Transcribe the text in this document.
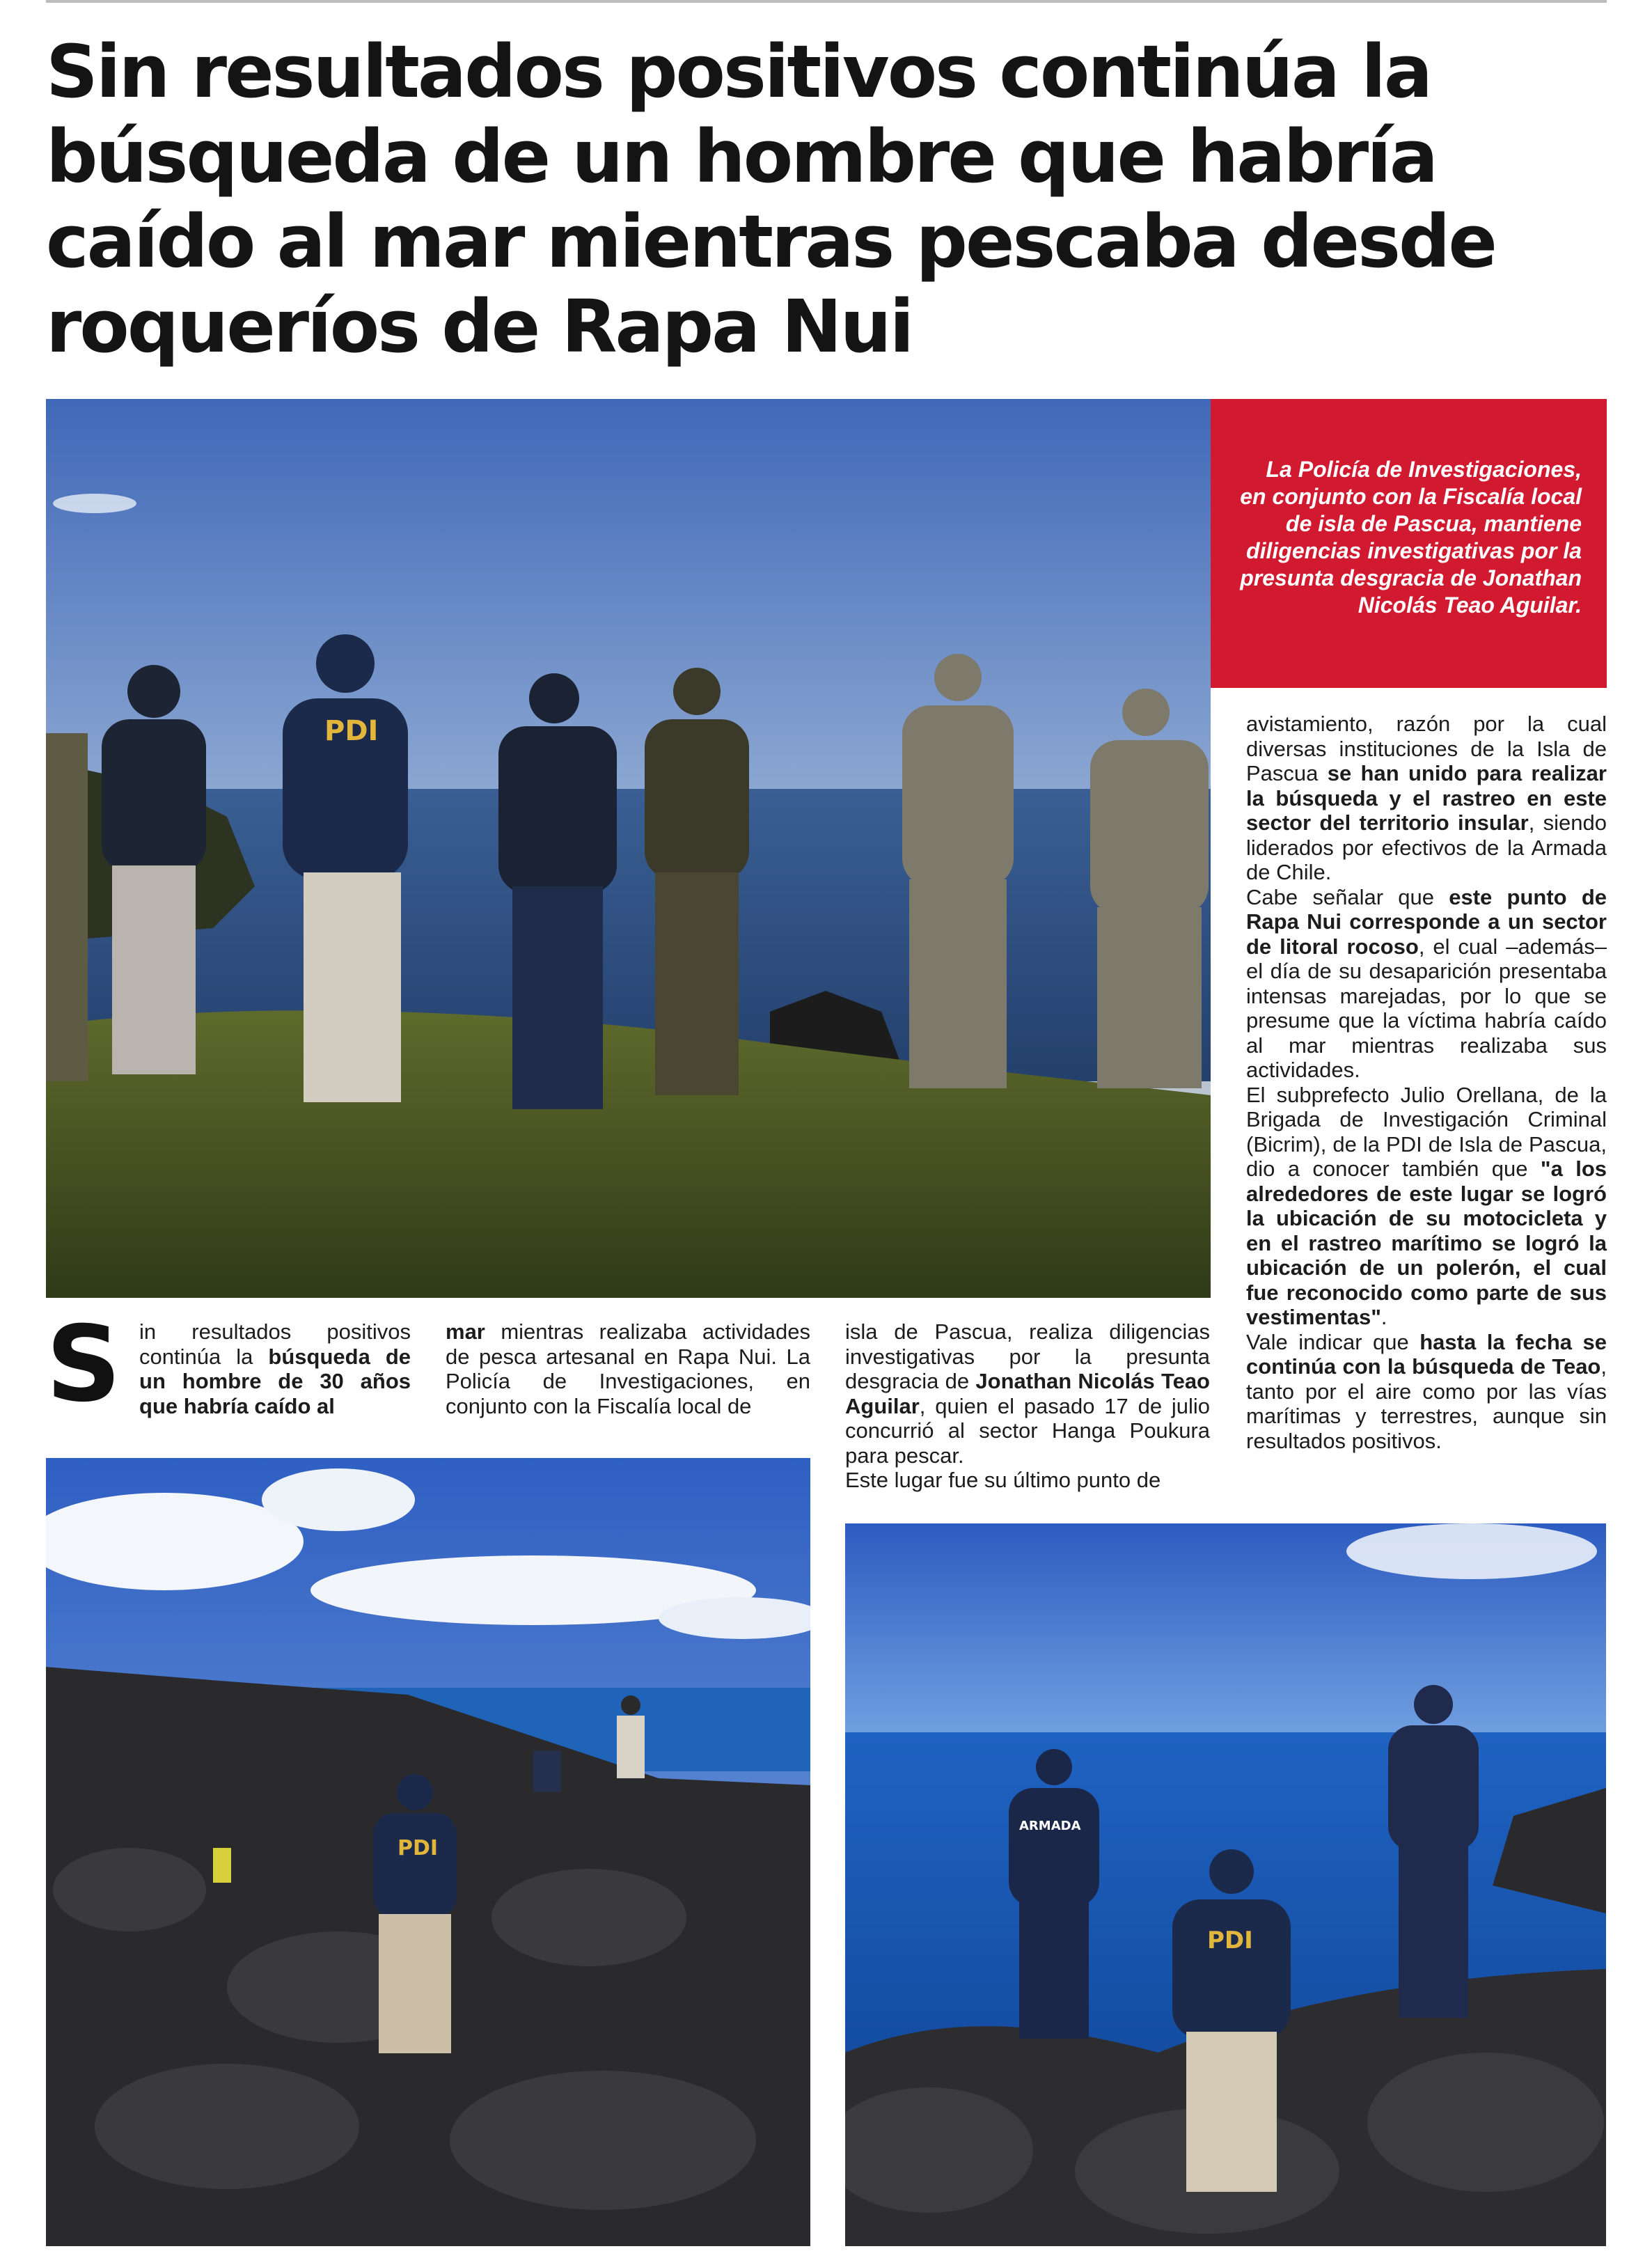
Sin resultados positivos continúa la búsqueda de un hombre que habría caído al mar mientras pescaba desde roqueríos de Rapa Nui
PDI

La Policía de Investigaciones, en conjunto con la Fiscalía local de isla de Pascua, mantiene diligencias investigativas por la presunta desgracia de Jonathan Nicolás Teao Aguilar.

S in resultados positivos continúa la búsqueda de un hombre de 30 años que habría caído al

mar mientras realizaba actividades de pesca artesanal en Rapa Nui. La Policía de Investigaciones, en conjunto con la Fiscalía local de

isla de Pascua, realiza diligencias investigativas por la presunta desgracia de Jonathan Nicolás Teao Aguilar, quien el pasado 17 de julio concurrió al sector Hanga Poukura para pescar.

Este lugar fue su último punto de

avistamiento, razón por la cual diversas instituciones de la Isla de Pascua se han unido para realizar la búsqueda y el rastreo en este sector del territorio insular, siendo liderados por efectivos de la Armada de Chile.

Cabe señalar que este punto de Rapa Nui corresponde a un sector de litoral rocoso, el cual –además– el día de su desaparición presentaba intensas marejadas, por lo que se presume que la víctima habría caído al mar mientras realizaba sus actividades.

El subprefecto Julio Orellana, de la Brigada de Investigación Criminal (Bicrim), de la PDI de Isla de Pascua, dio a conocer también que "a los alrededores de este lugar se logró la ubicación de su motocicleta y en el rastreo marítimo se logró la ubicación de un polerón, el cual fue reconocido como parte de sus vestimentas".

Vale indicar que hasta la fecha se continúa con la búsqueda de Teao, tanto por el aire como por las vías marítimas y terrestres, aunque sin resultados positivos.

PDI
ARMADA
PDI
